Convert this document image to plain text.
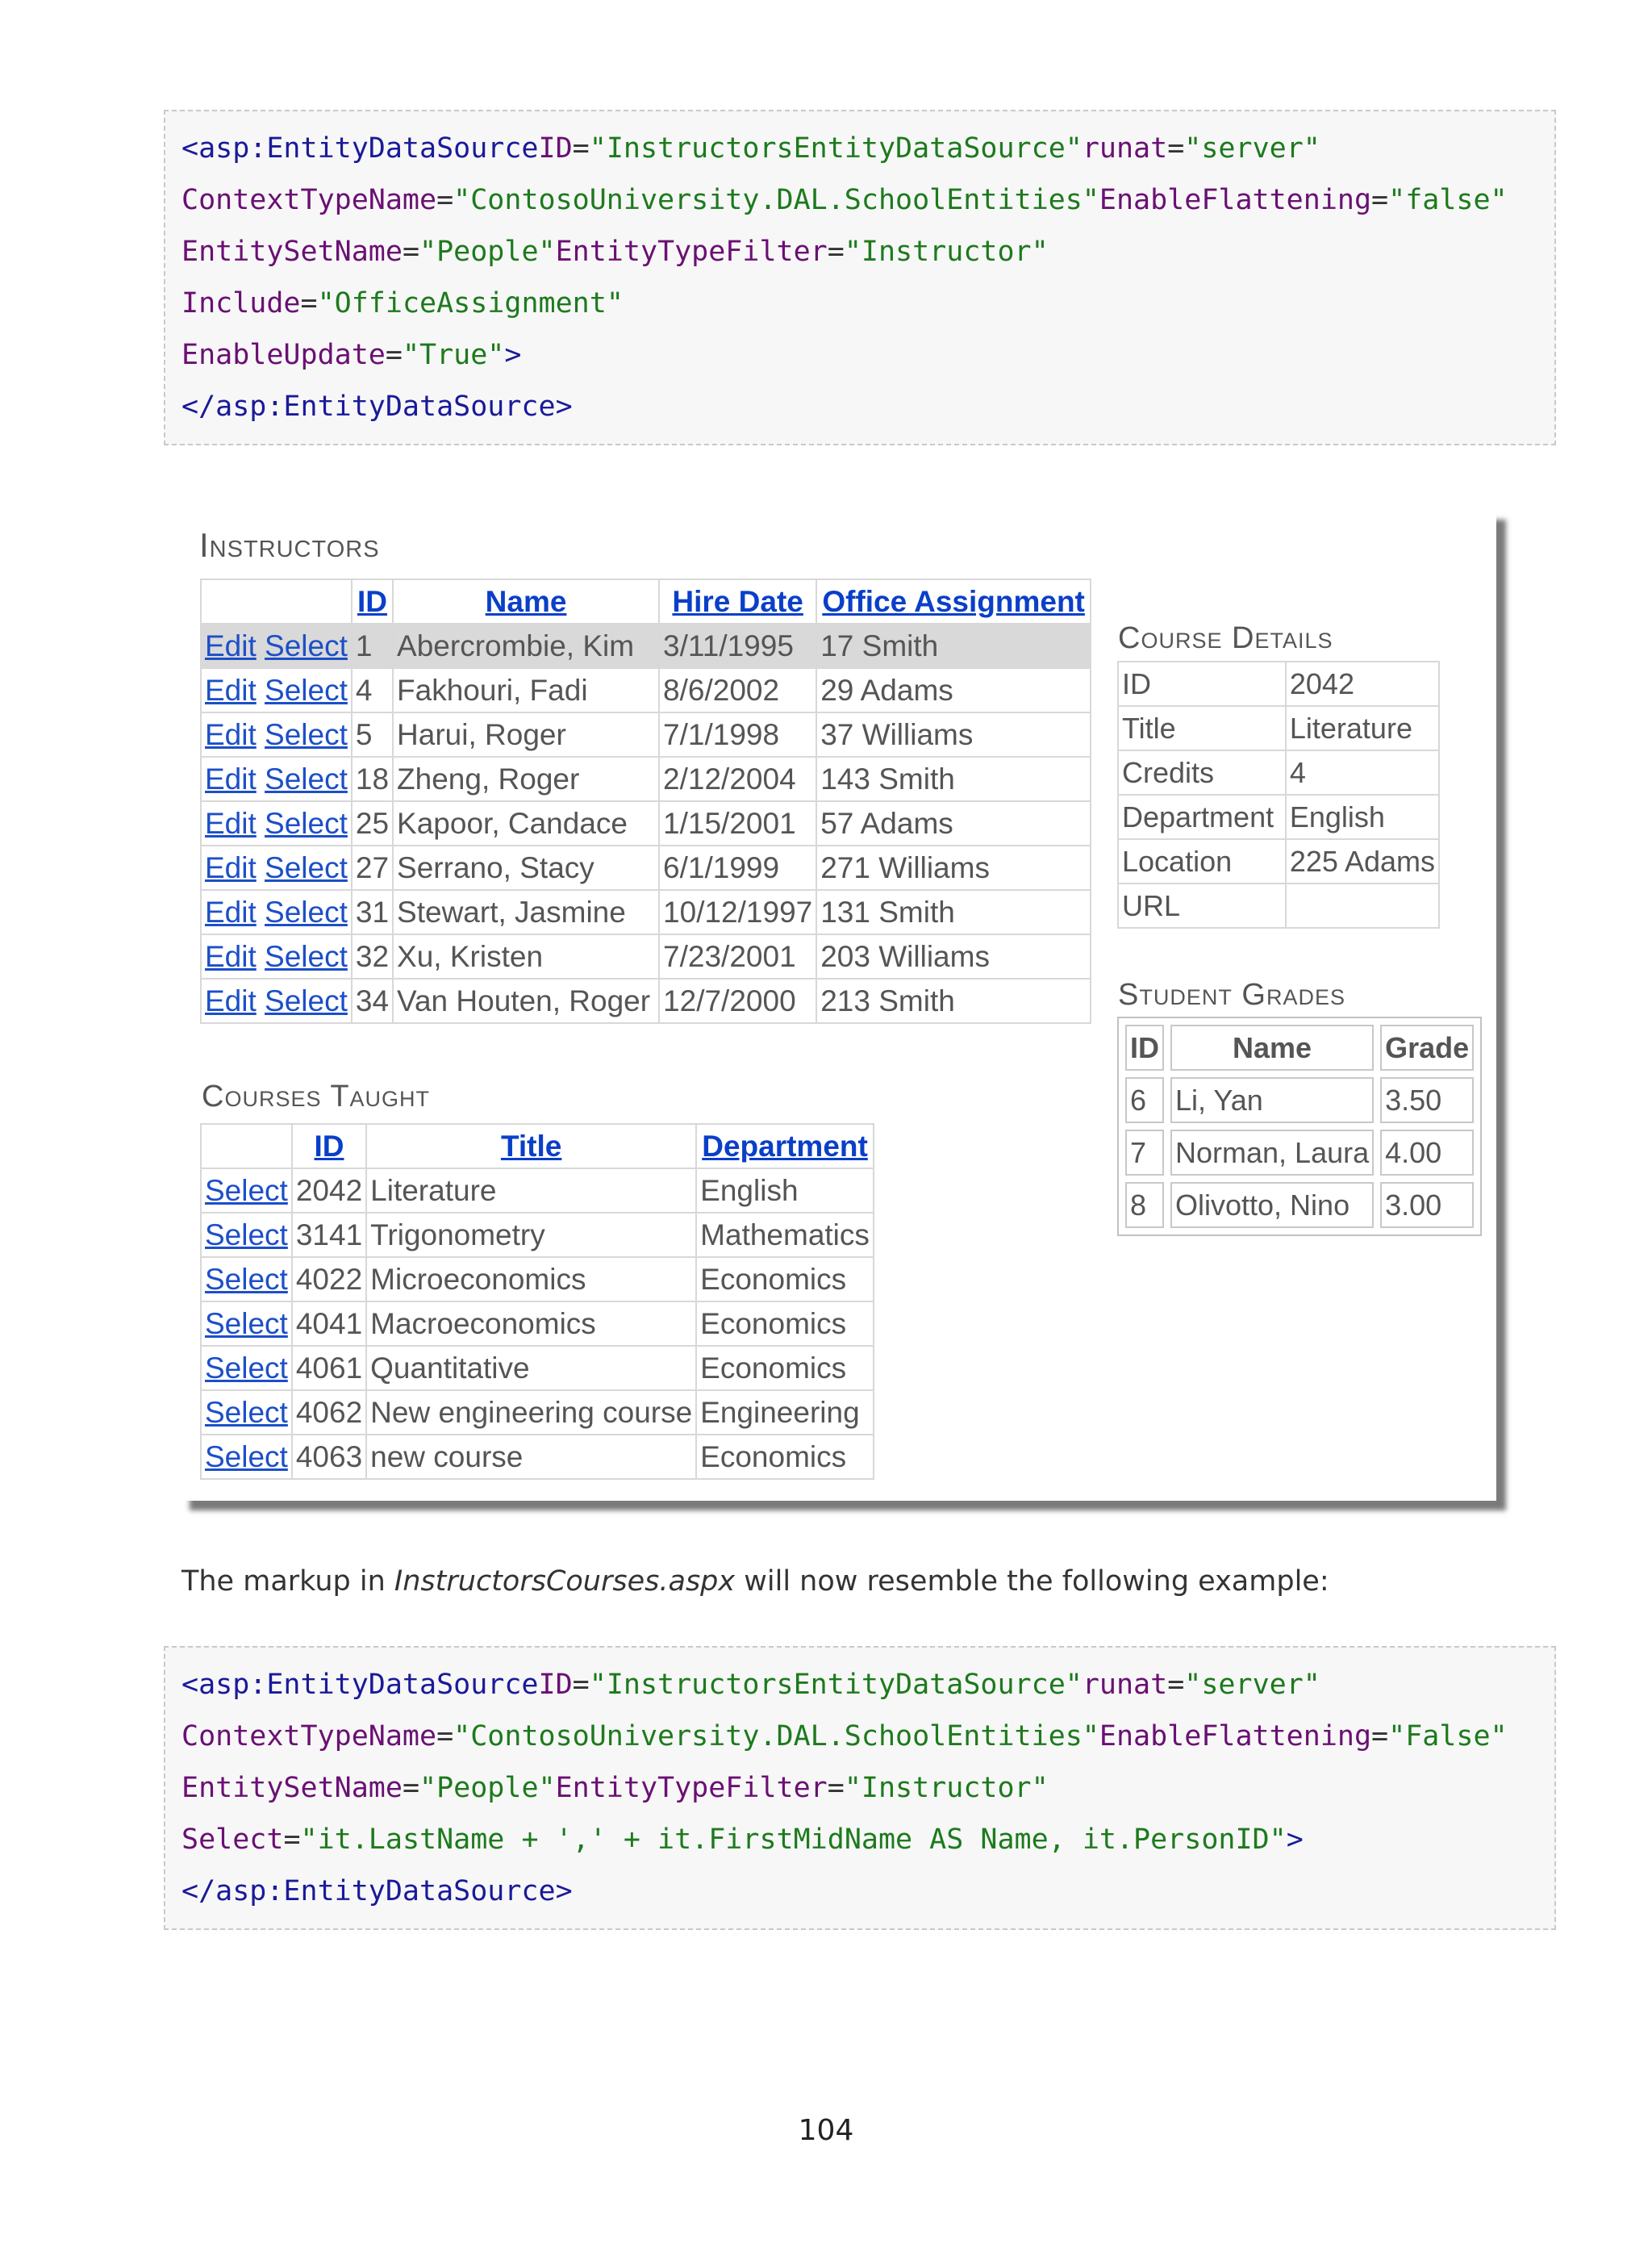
<asp:EntityDataSourceID="InstructorsEntityDataSource"runat="server"
ContextTypeName="ContosoUniversity.DAL.SchoolEntities"EnableFlattening="false"
EntitySetName="People"EntityTypeFilter="Instructor"
Include="OfficeAssignment"
EnableUpdate="True">
</asp:EntityDataSource>
Instructors
	ID	Name	Hire Date	Office Assignment
Edit Select	1	Abercrombie, Kim	3/11/1995	17 Smith
Edit Select	4	Fakhouri, Fadi	8/6/2002	29 Adams
Edit Select	5	Harui, Roger	7/1/1998	37 Williams
Edit Select	18	Zheng, Roger	2/12/2004	143 Smith
Edit Select	25	Kapoor, Candace	1/15/2001	57 Adams
Edit Select	27	Serrano, Stacy	6/1/1999	271 Williams
Edit Select	31	Stewart, Jasmine	10/12/1997	131 Smith
Edit Select	32	Xu, Kristen	7/23/2001	203 Williams
Edit Select	34	Van Houten, Roger	12/7/2000	213 Smith
Courses Taught
	ID	Title	Department
Select	2042	Literature	English
Select	3141	Trigonometry	Mathematics
Select	4022	Microeconomics	Economics
Select	4041	Macroeconomics	Economics
Select	4061	Quantitative	Economics
Select	4062	New engineering course	Engineering
Select	4063	new course	Economics
Course Details
ID	2042
Title	Literature
Credits	4
Department	English
Location	225 Adams
URL	
Student Grades
ID	Name	Grade
6	Li, Yan	3.50
7	Norman, Laura	4.00
8	Olivotto, Nino	3.00
The markup in InstructorsCourses.aspx will now resemble the following example:
<asp:EntityDataSourceID="InstructorsEntityDataSource"runat="server"
ContextTypeName="ContosoUniversity.DAL.SchoolEntities"EnableFlattening="False"
EntitySetName="People"EntityTypeFilter="Instructor"
Select="it.LastName + ',' + it.FirstMidName AS Name, it.PersonID">
</asp:EntityDataSource>
104
